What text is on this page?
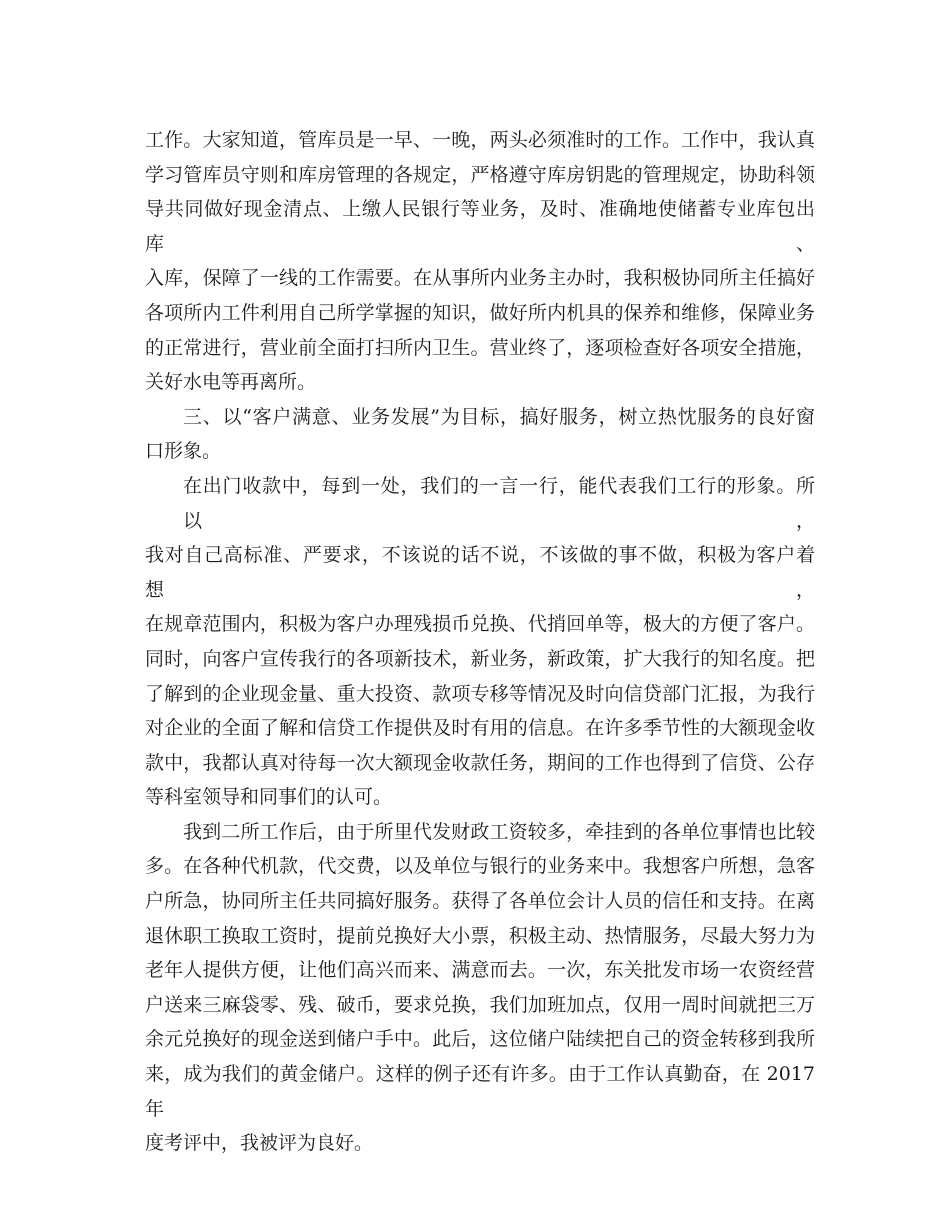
工作。大家知道，管库员是一早、一晚，两头必须准时的工作。工作中，我认真
学习管库员守则和库房管理的各规定，严格遵守库房钥匙的管理规定，协助科领
导共同做好现金清点、上缴人民银行等业务，及时、准确地使储蓄专业库包出库、
入库，保障了一线的工作需要。在从事所内业务主办时，我积极协同所主任搞好
各项所内工件利用自己所学掌握的知识，做好所内机具的保养和维修，保障业务
的正常进行，营业前全面打扫所内卫生。营业终了，逐项检查好各项安全措施，
关好水电等再离所。
三、以“客户满意、业务发展”为目标，搞好服务，树立热忱服务的良好窗
口形象。
在出门收款中，每到一处，我们的一言一行，能代表我们工行的形象。所以，
我对自己高标准、严要求，不该说的话不说，不该做的事不做，积极为客户着想，
在规章范围内，积极为客户办理残损币兑换、代捎回单等，极大的方便了客户。
同时，向客户宣传我行的各项新技术，新业务，新政策，扩大我行的知名度。把
了解到的企业现金量、重大投资、款项专移等情况及时向信贷部门汇报，为我行
对企业的全面了解和信贷工作提供及时有用的信息。在许多季节性的大额现金收
款中，我都认真对待每一次大额现金收款任务，期间的工作也得到了信贷、公存
等科室领导和同事们的认可。
我到二所工作后，由于所里代发财政工资较多，牵挂到的各单位事情也比较
多。在各种代机款，代交费，以及单位与银行的业务来中。我想客户所想，急客
户所急，协同所主任共同搞好服务。获得了各单位会计人员的信任和支持。在离
退休职工换取工资时，提前兑换好大小票，积极主动、热情服务，尽最大努力为
老年人提供方便，让他们高兴而来、满意而去。一次，东关批发市场一农资经营
户送来三麻袋零、残、破币，要求兑换，我们加班加点，仅用一周时间就把三万
余元兑换好的现金送到储户手中。此后，这位储户陆续把自己的资金转移到我所
来，成为我们的黄金储户。这样的例子还有许多。由于工作认真勤奋，在 2017 年
度考评中，我被评为良好。
